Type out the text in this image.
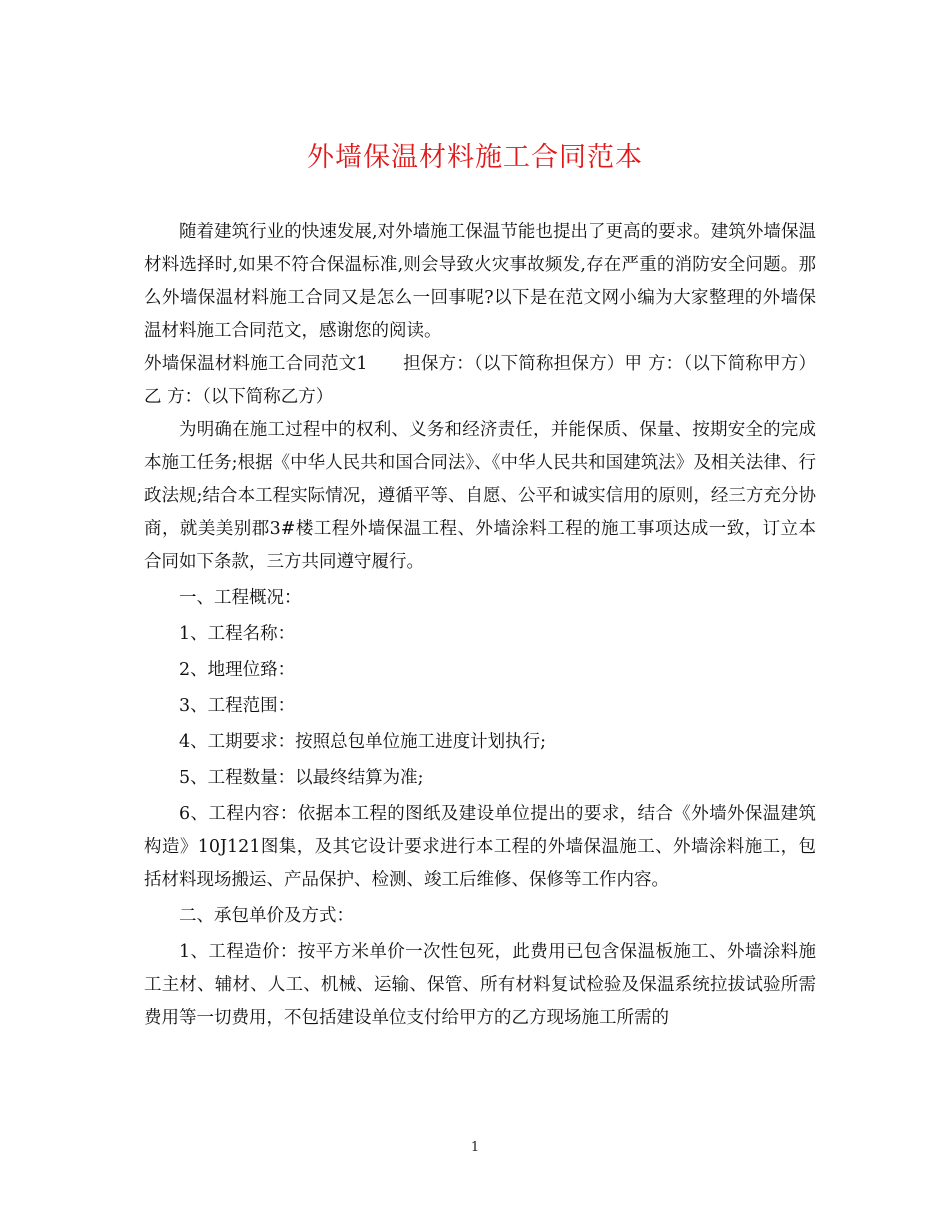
外墙保温材料施工合同范本

随着建筑行业的快速发展,对外墙施工保温节能也提出了更高的要求。建筑外墙保温材料选择时,如果不符合保温标准,则会导致火灾事故频发,存在严重的消防安全问题。那么外墙保温材料施工合同又是怎么一回事呢?以下是在范文网小编为大家整理的外墙保温材料施工合同范文，感谢您的阅读。

外墙保温材料施工合同范文1　　担保方：（以下简称担保方）甲 方：（以下简称甲方）乙 方：（以下简称乙方）

为明确在施工过程中的权利、义务和经济责任，并能保质、保量、按期安全的完成本施工任务;根据《中华人民共和国合同法》、《中华人民共和国建筑法》及相关法律、行政法规;结合本工程实际情况，遵循平等、自愿、公平和诚实信用的原则，经三方充分协商，就美美别郡3#楼工程外墙保温工程、外墙涂料工程的施工事项达成一致，订立本合同如下条款，三方共同遵守履行。

一、工程概况：

1、工程名称：

2、地理位臵：

3、工程范围：

4、工期要求：按照总包单位施工进度计划执行;

5、工程数量：以最终结算为准;

6、工程内容：依据本工程的图纸及建设单位提出的要求，结合《外墙外保温建筑构造》10J121图集，及其它设计要求进行本工程的外墙保温施工、外墙涂料施工，包括材料现场搬运、产品保护、检测、竣工后维修、保修等工作内容。

二、承包单价及方式：

1、工程造价：按平方米单价一次性包死，此费用已包含保温板施工、外墙涂料施工主材、辅材、人工、机械、运输、保管、所有材料复试检验及保温系统拉拔试验所需费用等一切费用，不包括建设单位支付给甲方的乙方现场施工所需的

1
